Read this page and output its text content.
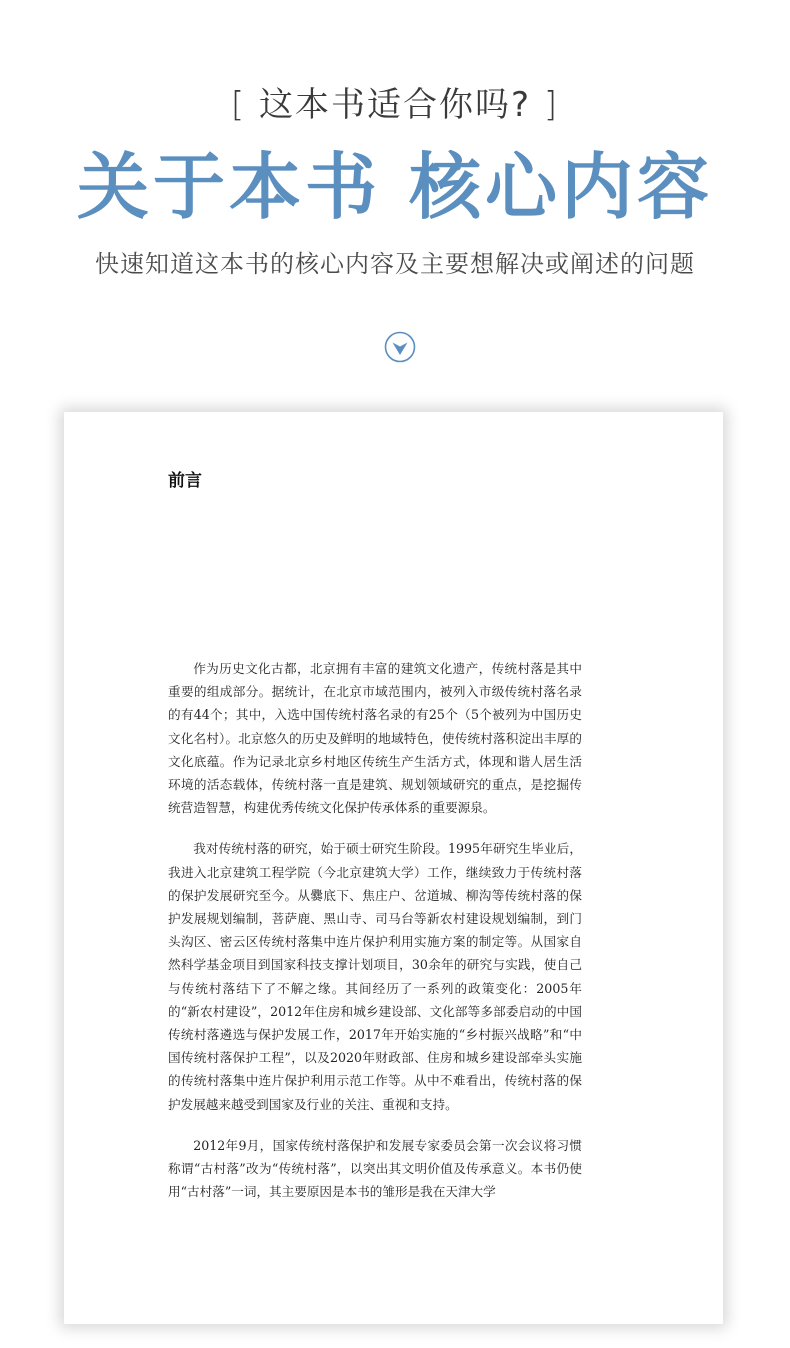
[ 这本书适合你吗? ]
关于本书 核心内容
快速知道这本书的核心内容及主要想解决或阐述的问题
前言

作为历史文化古都，北京拥有丰富的建筑文化遗产，传统村落是其中重要的组成部分。据统计，在北京市域范围内，被列入市级传统村落名录的有44个；其中，入选中国传统村落名录的有25个（5个被列为中国历史文化名村）。北京悠久的历史及鲜明的地域特色，使传统村落积淀出丰厚的文化底蕴。作为记录北京乡村地区传统生产生活方式，体现和谐人居生活环境的活态载体，传统村落一直是建筑、规划领域研究的重点，是挖掘传统营造智慧，构建优秀传统文化保护传承体系的重要源泉。

我对传统村落的研究，始于硕士研究生阶段。1995年研究生毕业后，我进入北京建筑工程学院（今北京建筑大学）工作，继续致力于传统村落的保护发展研究至今。从爨底下、焦庄户、岔道城、柳沟等传统村落的保护发展规划编制，菩萨鹿、黑山寺、司马台等新农村建设规划编制，到门头沟区、密云区传统村落集中连片保护利用实施方案的制定等。从国家自然科学基金项目到国家科技支撑计划项目，30余年的研究与实践，使自己与传统村落结下了不解之缘。其间经历了一系列的政策变化：2005年的“新农村建设”，2012年住房和城乡建设部、文化部等多部委启动的中国传统村落遴选与保护发展工作，2017年开始实施的“乡村振兴战略”和“中国传统村落保护工程”，以及2020年财政部、住房和城乡建设部牵头实施的传统村落集中连片保护利用示范工作等。从中不难看出，传统村落的保护发展越来越受到国家及行业的关注、重视和支持。

2012年9月，国家传统村落保护和发展专家委员会第一次会议将习惯称谓“古村落”改为“传统村落”，以突出其文明价值及传承意义。本书仍使用“古村落”一词，其主要原因是本书的雏形是我在天津大学
